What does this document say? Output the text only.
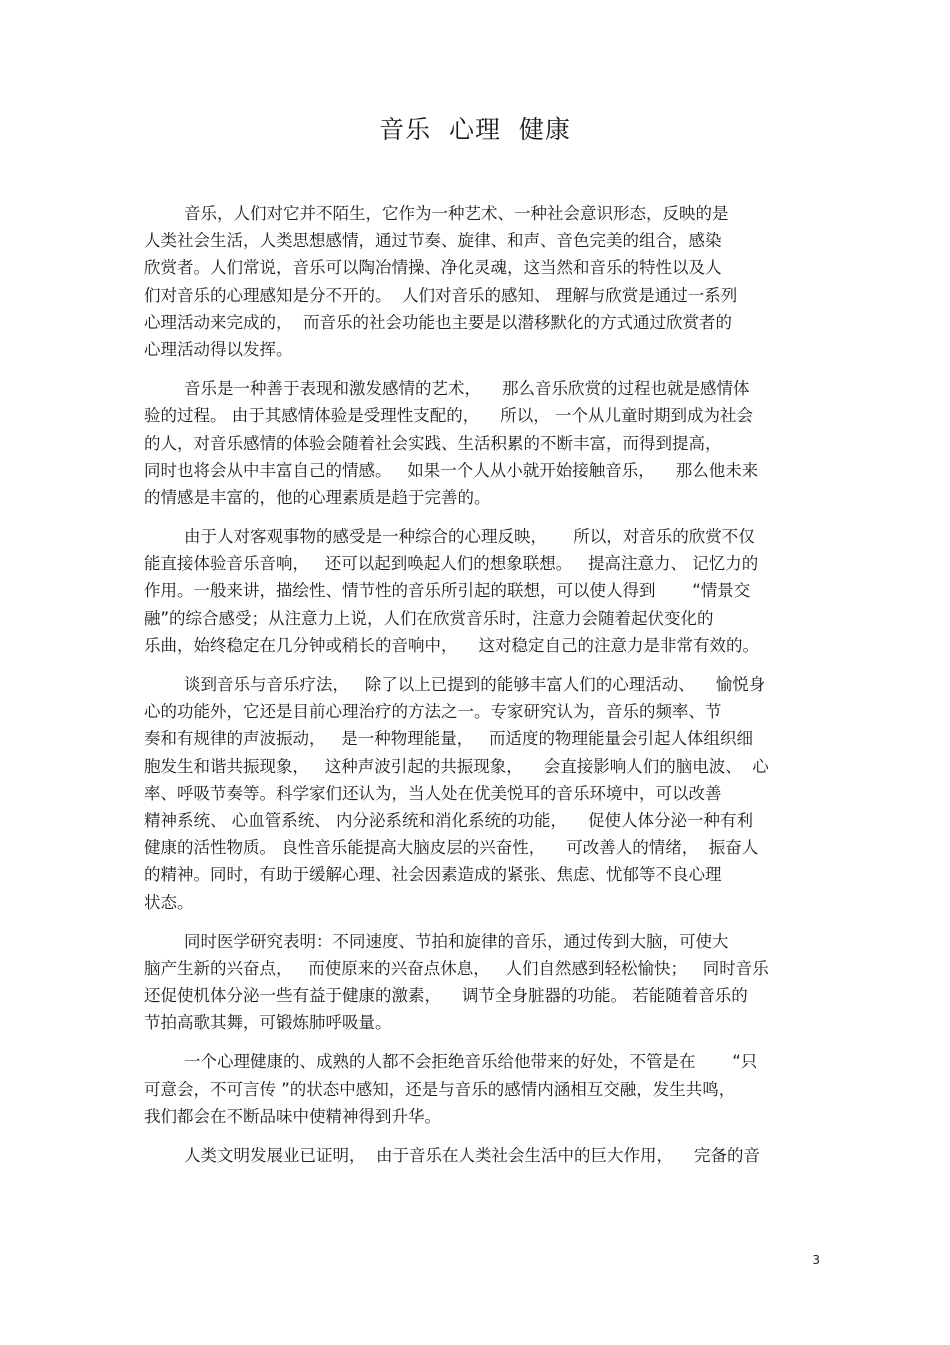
音乐  心理  健康
音乐，人们对它并不陌生，它作为一种艺术、一种社会意识形态，反映的是
人类社会生活，人类思想感情，通过节奏、旋律、和声、音色完美的组合，感染
欣赏者。人们常说，音乐可以陶冶情操、净化灵魂，这当然和音乐的特性以及人
们对音乐的心理感知是分不开的。  人们对音乐的感知、 理解与欣赏是通过一系列
心理活动来完成的，  而音乐的社会功能也主要是以潜移默化的方式通过欣赏者的
心理活动得以发挥。
音乐是一种善于表现和激发感情的艺术，    那么音乐欣赏的过程也就是感情体
验的过程。 由于其感情体验是受理性支配的，    所以， 一个从儿童时期到成为社会
的人，对音乐感情的体验会随着社会实践、生活积累的不断丰富，而得到提高，
同时也将会从中丰富自己的情感。   如果一个人从小就开始接触音乐，    那么他未来
的情感是丰富的，他的心理素质是趋于完善的。
由于人对客观事物的感受是一种综合的心理反映，     所以，对音乐的欣赏不仅
能直接体验音乐音响，   还可以起到唤起人们的想象联想。   提高注意力、 记忆力的
作用。一般来讲，描绘性、情节性的音乐所引起的联想，可以使人得到       “情景交
融”的综合感受；从注意力上说，人们在欣赏音乐时，注意力会随着起伏变化的
乐曲，始终稳定在几分钟或稍长的音响中，    这对稳定自己的注意力是非常有效的。
谈到音乐与音乐疗法，   除了以上已提到的能够丰富人们的心理活动、    愉悦身
心的功能外，它还是目前心理治疗的方法之一。专家研究认为，音乐的频率、节
奏和有规律的声波振动，   是一种物理能量，   而适度的物理能量会引起人体组织细
胞发生和谐共振现象，   这种声波引起的共振现象，    会直接影响人们的脑电波、  心
率、呼吸节奏等。科学家们还认为，当人处在优美悦耳的音乐环境中，可以改善
精神系统、 心血管系统、 内分泌系统和消化系统的功能，    促使人体分泌一种有利
健康的活性物质。 良性音乐能提高大脑皮层的兴奋性，    可改善人的情绪，  振奋人
的精神。同时，有助于缓解心理、社会因素造成的紧张、焦虑、忧郁等不良心理
状态。
同时医学研究表明：不同速度、节拍和旋律的音乐，通过传到大脑，可使大
脑产生新的兴奋点，   而使原来的兴奋点休息，   人们自然感到轻松愉快；   同时音乐
还促使机体分泌一些有益于健康的激素，    调节全身脏器的功能。 若能随着音乐的
节拍高歌其舞，可锻炼肺呼吸量。
一个心理健康的、成熟的人都不会拒绝音乐给他带来的好处，不管是在       “只
可意会，不可言传 ”的状态中感知，还是与音乐的感情内涵相互交融，发生共鸣，
我们都会在不断品味中使精神得到升华。
人类文明发展业已证明，  由于音乐在人类社会生活中的巨大作用，    完备的音
3
